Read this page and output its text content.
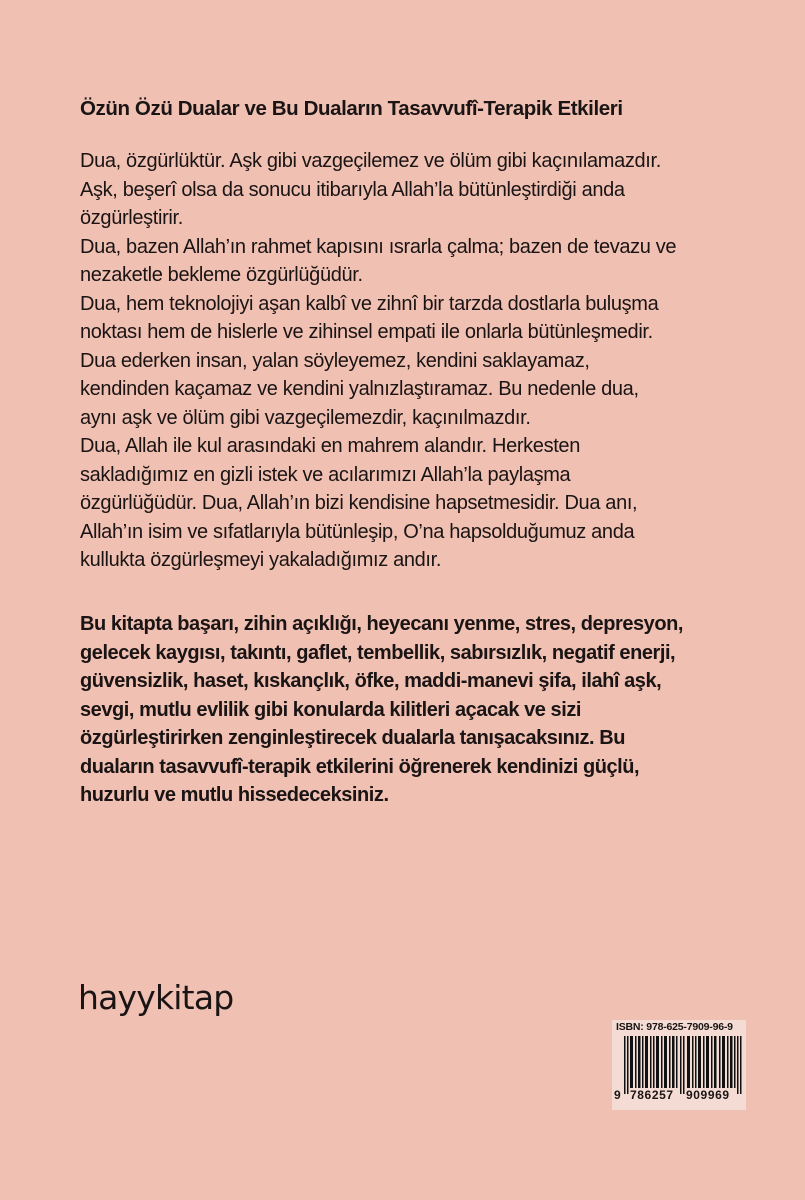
Özün Özü Dualar ve Bu Duaların Tasavvufî-Terapik Etkileri

Dua, özgürlüktür. Aşk gibi vazgeçilemez ve ölüm gibi kaçınılamazdır.

Aşk, beşerî olsa da sonucu itibarıyla Allah’la bütünleştirdiği anda

özgürleştirir.

Dua, bazen Allah’ın rahmet kapısını ısrarla çalma; bazen de tevazu ve

nezaketle bekleme özgürlüğüdür.

Dua, hem teknolojiyi aşan kalbî ve zihnî bir tarzda dostlarla buluşma

noktası hem de hislerle ve zihinsel empati ile onlarla bütünleşmedir.

Dua ederken insan, yalan söyleyemez, kendini saklayamaz,

kendinden kaçamaz ve kendini yalnızlaştıramaz. Bu nedenle dua,

aynı aşk ve ölüm gibi vazgeçilemezdir, kaçınılmazdır.

Dua, Allah ile kul arasındaki en mahrem alandır. Herkesten

sakladığımız en gizli istek ve acılarımızı Allah’la paylaşma

özgürlüğüdür. Dua, Allah’ın bizi kendisine hapsetmesidir. Dua anı,

Allah’ın isim ve sıfatlarıyla bütünleşip, O’na hapsolduğumuz anda

kullukta özgürleşmeyi yakaladığımız andır.

Bu kitapta başarı, zihin açıklığı, heyecanı yenme, stres, depresyon,

gelecek kaygısı, takıntı, gaflet, tembellik, sabırsızlık, negatif enerji,

güvensizlik, haset, kıskançlık, öfke, maddi-manevi şifa, ilahî aşk,

sevgi, mutlu evlilik gibi konularda kilitleri açacak ve sizi

özgürleştirirken zenginleştirecek dualarla tanışacaksınız. Bu

duaların tasavvufî-terapik etkilerini öğrenerek kendinizi güçlü,

huzurlu ve mutlu hissedeceksiniz.

hayykitap
ISBN: 978-625-7909-96-9
9 786257 909969
